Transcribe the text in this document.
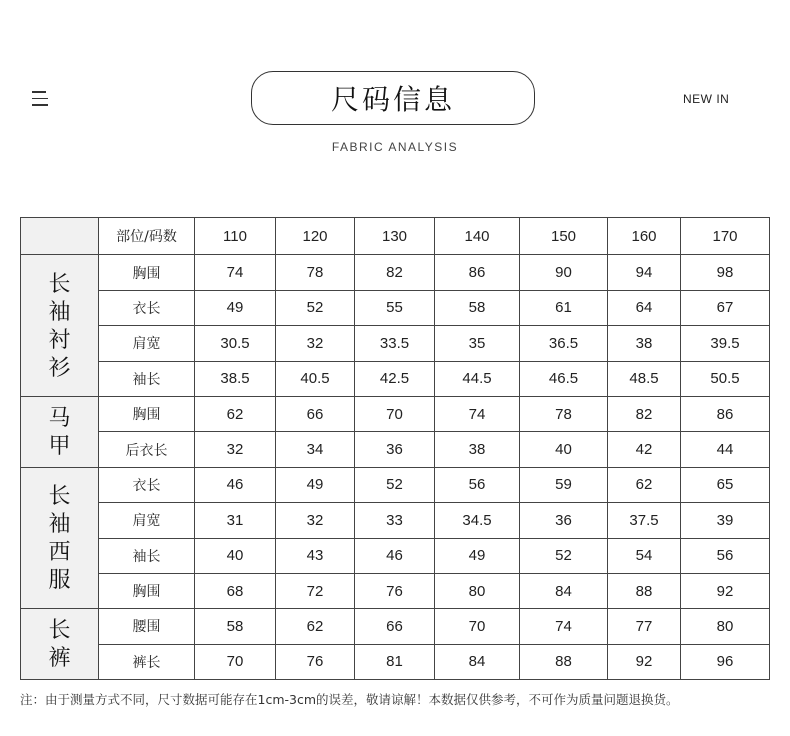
尺码信息	NEW IN
FABRIC ANALYSIS
	部位/码数	110	120	130	140	150	160	170

长袖衬衫	胸围	74	78	82	86	90	94	98
	衣长	49	52	55	58	61	64	67
	肩宽	30.5	32	33.5	35	36.5	38	39.5
	袖长	38.5	40.5	42.5	44.5	46.5	48.5	50.5

马甲	胸围	62	66	70	74	78	82	86
	后衣长	32	34	36	38	40	42	44

长袖西服	衣长	46	49	52	56	59	62	65
	肩宽	31	32	33	34.5	36	37.5	39
	袖长	40	43	46	49	52	54	56
	胸围	68	72	76	80	84	88	92

长裤	腰围	58	62	66	70	74	77	80
	裤长	70	76	81	84	88	92	96
注：由于测量方式不同，尺寸数据可能存在1cm-3cm的误差，敬请谅解！本数据仅供参考，不可作为质量问题退换货。
